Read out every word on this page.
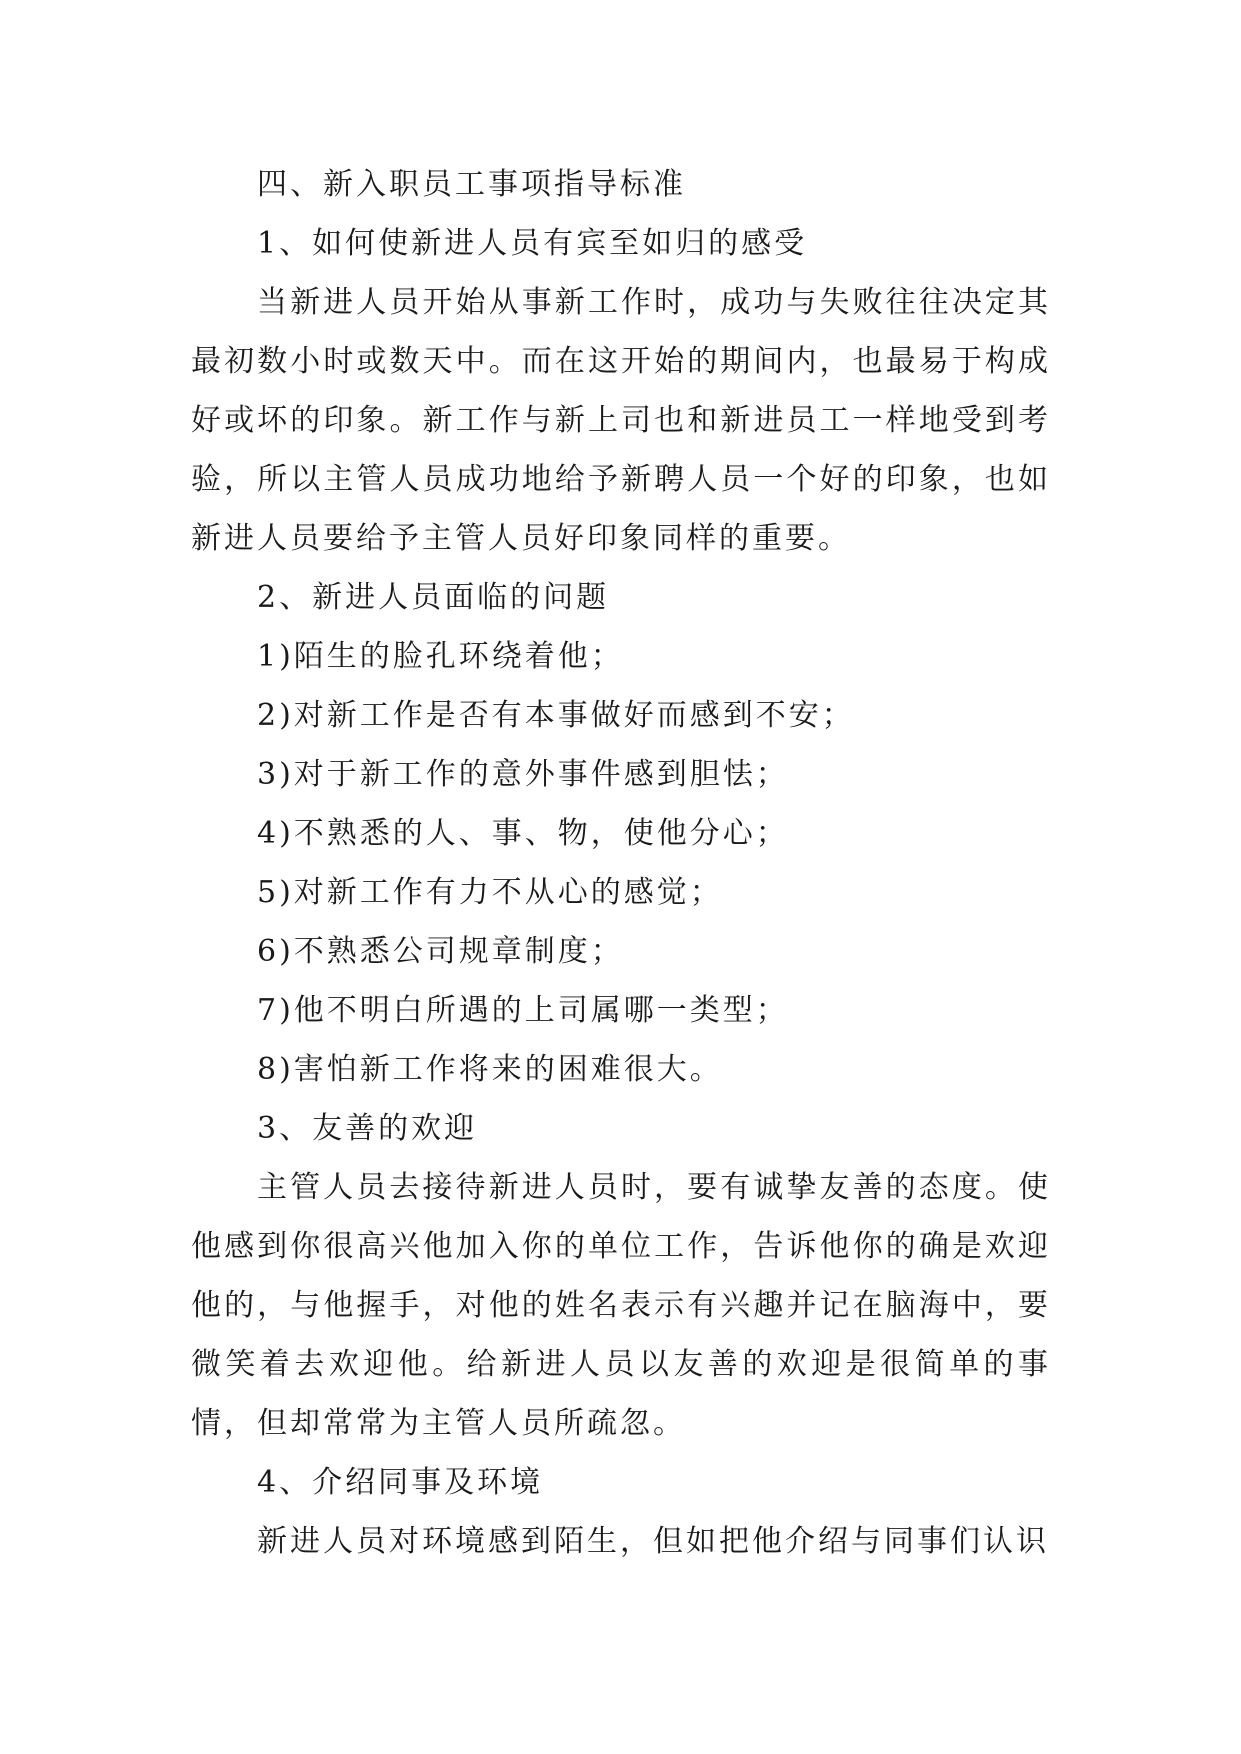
四、新入职员工事项指导标准

1、如何使新进人员有宾至如归的感受

当新进人员开始从事新工作时，成功与失败往往决定其最初数小时或数天中。而在这开始的期间内，也最易于构成好或坏的印象。新工作与新上司也和新进员工一样地受到考验，所以主管人员成功地给予新聘人员一个好的印象，也如新进人员要给予主管人员好印象同样的重要。

2、新进人员面临的问题

1)陌生的脸孔环绕着他；

2)对新工作是否有本事做好而感到不安；

3)对于新工作的意外事件感到胆怯；

4)不熟悉的人、事、物，使他分心；

5)对新工作有力不从心的感觉；

6)不熟悉公司规章制度；

7)他不明白所遇的上司属哪一类型；

8)害怕新工作将来的困难很大。

3、友善的欢迎

主管人员去接待新进人员时，要有诚挚友善的态度。使他感到你很高兴他加入你的单位工作，告诉他你的确是欢迎他的，与他握手，对他的姓名表示有兴趣并记在脑海中，要微笑着去欢迎他。给新进人员以友善的欢迎是很简单的事情，但却常常为主管人员所疏忽。

4、介绍同事及环境

新进人员对环境感到陌生，但如把他介绍与同事们认识
